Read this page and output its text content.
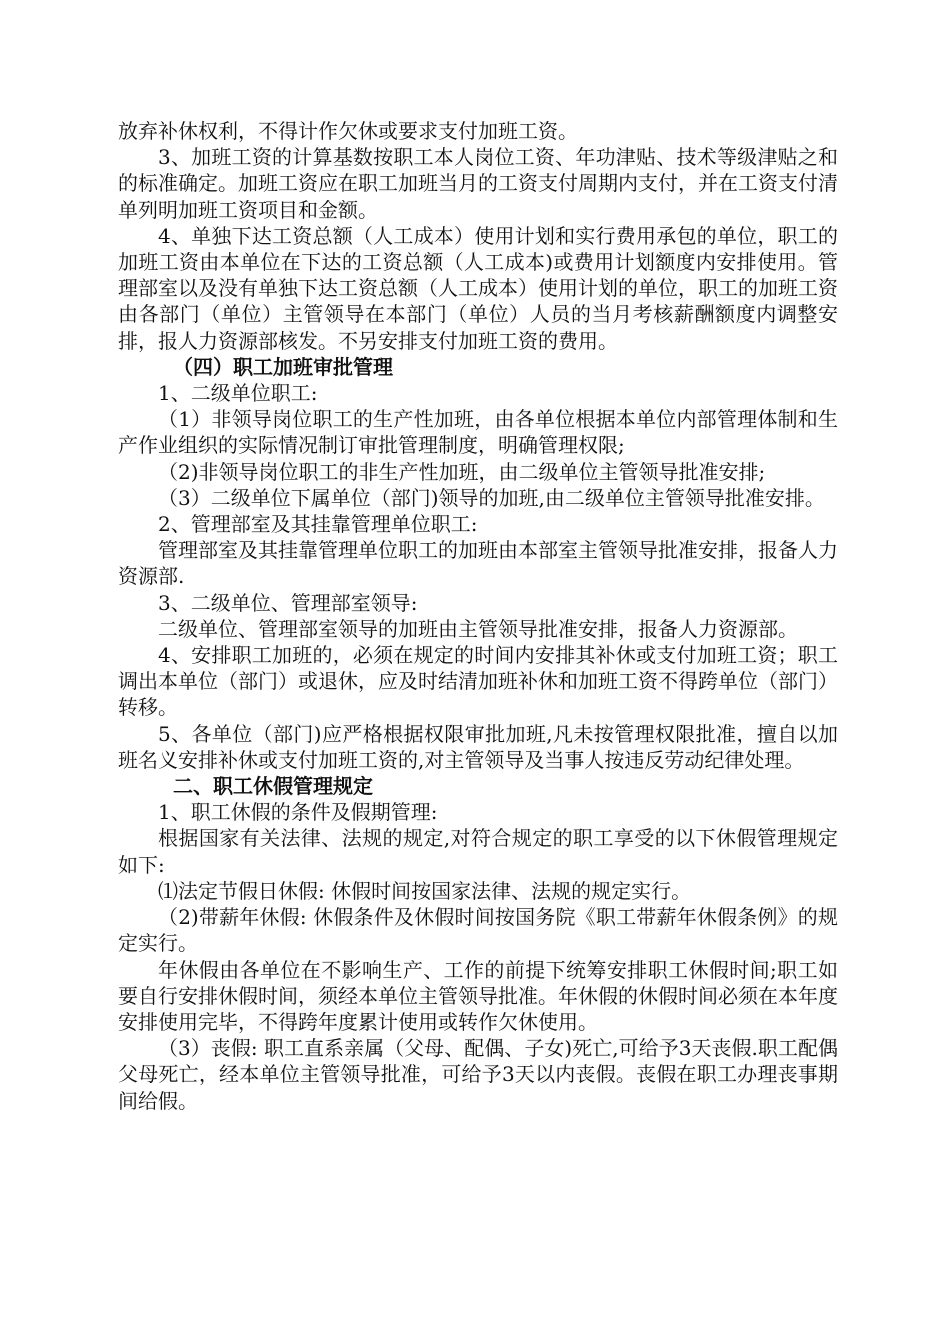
放弃补休权利，不得计作欠休或要求支付加班工资。

3、加班工资的计算基数按职工本人岗位工资、年功津贴、技术等级津贴之和的标准确定。加班工资应在职工加班当月的工资支付周期内支付，并在工资支付清单列明加班工资项目和金额。

4、单独下达工资总额（人工成本）使用计划和实行费用承包的单位，职工的加班工资由本单位在下达的工资总额（人工成本)或费用计划额度内安排使用。管理部室以及没有单独下达工资总额（人工成本）使用计划的单位，职工的加班工资由各部门（单位）主管领导在本部门（单位）人员的当月考核薪酬额度内调整安排，报人力资源部核发。不另安排支付加班工资的费用。

（四）职工加班审批管理

1、二级单位职工:

（1）非领导岗位职工的生产性加班，由各单位根据本单位内部管理体制和生产作业组织的实际情况制订审批管理制度，明确管理权限;

（2)非领导岗位职工的非生产性加班，由二级单位主管领导批准安排;

（3）二级单位下属单位（部门)领导的加班,由二级单位主管领导批准安排。

2、管理部室及其挂靠管理单位职工:

管理部室及其挂靠管理单位职工的加班由本部室主管领导批准安排，报备人力资源部.

3、二级单位、管理部室领导:

二级单位、管理部室领导的加班由主管领导批准安排，报备人力资源部。

4、安排职工加班的，必须在规定的时间内安排其补休或支付加班工资；职工调出本单位（部门）或退休，应及时结清加班补休和加班工资不得跨单位（部门）转移。

5、各单位（部门)应严格根据权限审批加班,凡未按管理权限批准，擅自以加班名义安排补休或支付加班工资的,对主管领导及当事人按违反劳动纪律处理。

二、职工休假管理规定

1、职工休假的条件及假期管理:

根据国家有关法律、法规的规定,对符合规定的职工享受的以下休假管理规定如下:

⑴法定节假日休假: 休假时间按国家法律、法规的规定实行。

（2)带薪年休假: 休假条件及休假时间按国务院《职工带薪年休假条例》的规定实行。

年休假由各单位在不影响生产、工作的前提下统筹安排职工休假时间;职工如要自行安排休假时间，须经本单位主管领导批准。年休假的休假时间必须在本年度安排使用完毕，不得跨年度累计使用或转作欠休使用。

（3）丧假: 职工直系亲属（父母、配偶、子女)死亡,可给予3天丧假.职工配偶父母死亡，经本单位主管领导批准，可给予3天以内丧假。丧假在职工办理丧事期间给假。
